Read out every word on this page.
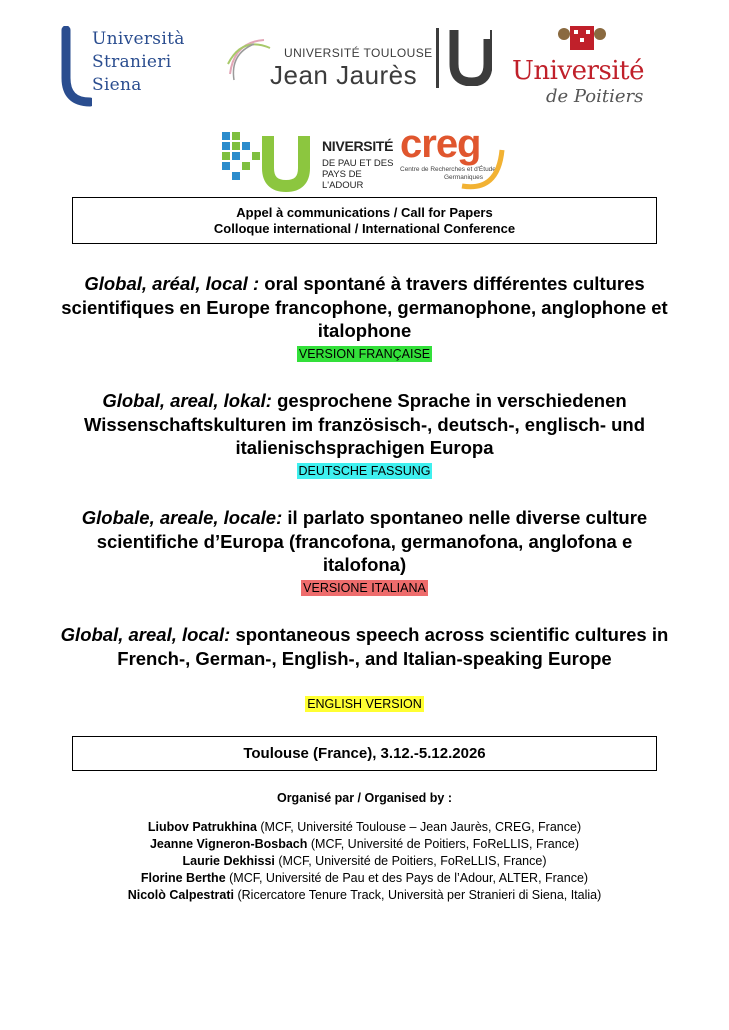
Università
Stranieri
Siena
UNIVERSITÉ TOULOUSE
Jean Jaurès	Université
de Poitiers
NIVERSITÉ
DE PAU ET DES
PAYS DE L'ADOUR
creg
Centre de Recherches et d'Études
Germaniques
Appel à communications / Call for Papers
Colloque international / International Conference
Global, aréal, local : oral spontané à travers différentes cultures scientifiques en Europe francophone, germanophone, anglophone et italophone
VERSION FRANÇAISE
Global, areal, lokal: gesprochene Sprache in verschiedenen Wissenschaftskulturen im französisch-, deutsch-, englisch- und italienischsprachigen Europa
DEUTSCHE FASSUNG
Globale, areale, locale: il parlato spontaneo nelle diverse culture scientifiche d’Europa (francofona, germanofona, anglofona e italofona)
VERSIONE ITALIANA
Global, areal, local: spontaneous speech across scientific cultures in French-, German-, English-, and Italian-speaking Europe
ENGLISH VERSION
Toulouse (France), 3.12.-5.12.2026
Organisé par / Organised by :
Liubov Patrukhina (MCF, Université Toulouse – Jean Jaurès, CREG, France)
Jeanne Vigneron-Bosbach (MCF, Université de Poitiers, FoReLLIS, France)
Laurie Dekhissi (MCF, Université de Poitiers, FoReLLIS, France)
Florine Berthe (MCF, Université de Pau et des Pays de l’Adour, ALTER, France)
Nicolò Calpestrati (Ricercatore Tenure Track, Università per Stranieri di Siena, Italia)
